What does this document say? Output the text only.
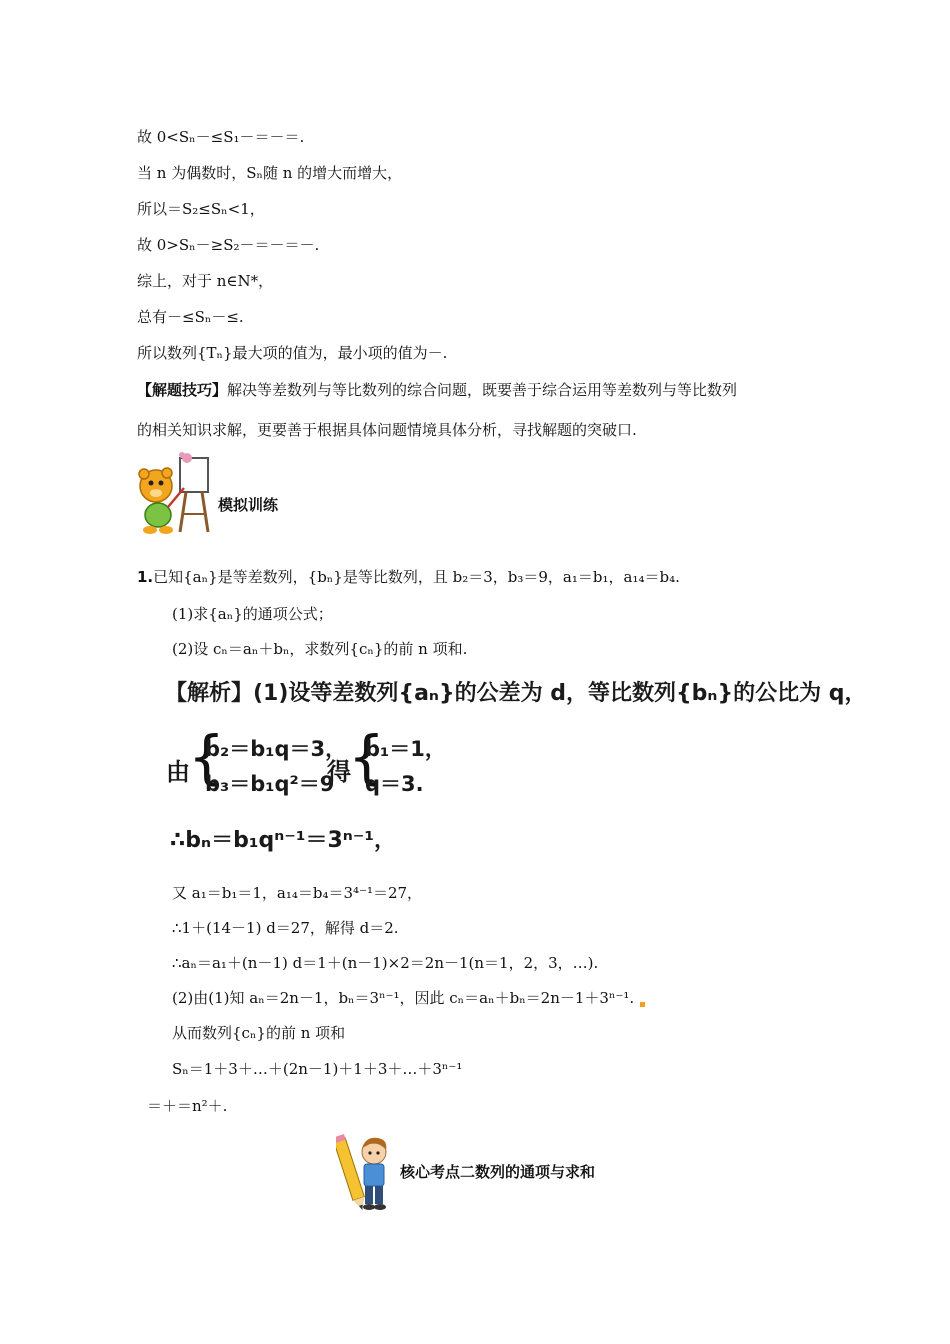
故 0<Sₙ－≤S₁－＝－＝.
当 n 为偶数时，Sₙ随 n 的增大而增大，
所以＝S₂≤Sₙ<1，
故 0>Sₙ－≥S₂－＝－＝－.
综上，对于 n∈N*，
总有－≤Sₙ－≤.
所以数列{Tₙ}最大项的值为，最小项的值为－.
【解题技巧】解决等差数列与等比数列的综合问题，既要善于综合运用等差数列与等比数列
的相关知识求解，更要善于根据具体问题情境具体分析，寻找解题的突破口.
模拟训练
1.已知{aₙ}是等差数列，{bₙ}是等比数列，且 b₂＝3，b₃＝9，a₁＝b₁，a₁₄＝b₄.
(1)求{aₙ}的通项公式；
(2)设 cₙ＝aₙ＋bₙ，求数列{cₙ}的前 n 项和.
【解析】(1)设等差数列{aₙ}的公差为 d，等比数列{bₙ}的公比为 q，
由
{
b₂＝b₁q＝3，
b₃＝b₁q²＝9
得
{
b₁＝1，
q＝3.
∴bₙ＝b₁qⁿ⁻¹＝3ⁿ⁻¹，
又 a₁＝b₁＝1，a₁₄＝b₄＝3⁴⁻¹＝27，
∴1＋(14－1) d＝27，解得 d＝2.
∴aₙ＝a₁＋(n－1) d＝1＋(n－1)×2＝2n－1(n＝1，2，3，…).
(2)由(1)知 aₙ＝2n－1，bₙ＝3ⁿ⁻¹，因此 cₙ＝aₙ＋bₙ＝2n－1＋3ⁿ⁻¹.
从而数列{cₙ}的前 n 项和
Sₙ＝1＋3＋…＋(2n－1)＋1＋3＋…＋3ⁿ⁻¹
＝＋＝n²＋.
核心考点二数列的通项与求和
